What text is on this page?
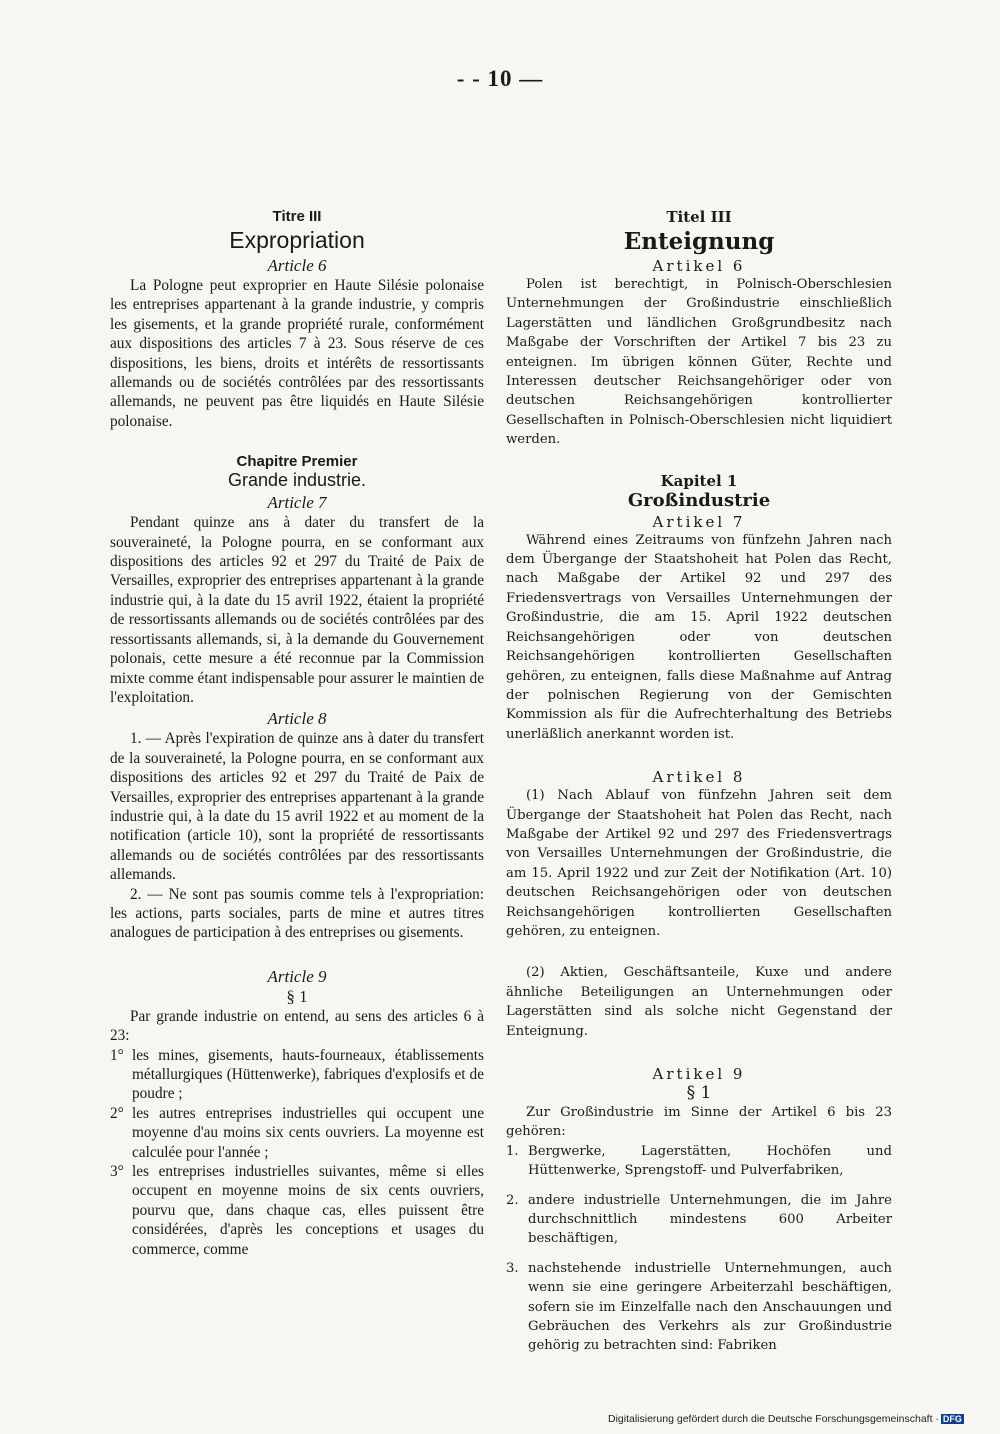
- - 10 —
Titre III
Expropriation
Article 6

La Pologne peut exproprier en Haute Silésie polonaise les entreprises appartenant à la grande industrie, y compris les gisements, et la grande propriété rurale, conformément aux dispositions des articles 7 à 23. Sous réserve de ces dispositions, les biens, droits et intérêts de ressortissants allemands ou de sociétés contrôlées par des ressortissants allemands, ne peuvent pas être liquidés en Haute Silésie polonaise.

Chapitre Premier
Grande industrie.
Article 7

Pendant quinze ans à dater du transfert de la souveraineté, la Pologne pourra, en se conformant aux dispositions des articles 92 et 297 du Traité de Paix de Versailles, exproprier des entreprises appartenant à la grande industrie qui, à la date du 15 avril 1922, étaient la propriété de ressortissants allemands ou de sociétés contrôlées par des ressortissants allemands, si, à la demande du Gouvernement polonais, cette mesure a été reconnue par la Commission mixte comme étant indispensable pour assurer le maintien de l'exploitation.

Article 8

1. — Après l'expiration de quinze ans à dater du transfert de la souveraineté, la Pologne pourra, en se conformant aux dispositions des articles 92 et 297 du Traité de Paix de Versailles, exproprier des entreprises appartenant à la grande industrie qui, à la date du 15 avril 1922 et au moment de la notification (article 10), sont la propriété de ressortissants allemands ou de sociétés contrôlées par des ressortissants allemands.

2. — Ne sont pas soumis comme tels à l'expropriation: les actions, parts sociales, parts de mine et autres titres analogues de participation à des entreprises ou gisements.

Article 9
§ 1

Par grande industrie on entend, au sens des articles 6 à 23:

1° les mines, gisements, hauts-fourneaux, établissements métallurgiques (Hüttenwerke), fabriques d'explosifs et de poudre ;
2° les autres entreprises industrielles qui occupent une moyenne d'au moins six cents ouvriers. La moyenne est calculée pour l'année ;
3° les entreprises industrielles suivantes, même si elles occupent en moyenne moins de six cents ouvriers, pourvu que, dans chaque cas, elles puissent être considérées, d'après les conceptions et usages du commerce, comme
Titel III
Enteignung
Artikel 6

Polen ist berechtigt, in Polnisch-Oberschlesien Unternehmungen der Großindustrie einschließlich Lagerstätten und ländlichen Großgrundbesitz nach Maßgabe der Vorschriften der Artikel 7 bis 23 zu enteignen. Im übrigen können Güter, Rechte und Interessen deutscher Reichsangehöriger oder von deutschen Reichsangehörigen kontrollierter Gesellschaften in Polnisch-Oberschlesien nicht liquidiert werden.

Kapitel 1
Großindustrie
Artikel 7

Während eines Zeitraums von fünfzehn Jahren nach dem Übergange der Staatshoheit hat Polen das Recht, nach Maßgabe der Artikel 92 und 297 des Friedensvertrags von Versailles Unternehmungen der Großindustrie, die am 15. April 1922 deutschen Reichsangehörigen oder von deutschen Reichsangehörigen kontrollierten Gesellschaften gehören, zu enteignen, falls diese Maßnahme auf Antrag der polnischen Regierung von der Gemischten Kommission als für die Aufrechterhaltung des Betriebs unerläßlich anerkannt worden ist.

Artikel 8

(1) Nach Ablauf von fünfzehn Jahren seit dem Übergange der Staatshoheit hat Polen das Recht, nach Maßgabe der Artikel 92 und 297 des Friedensvertrags von Versailles Unternehmungen der Großindustrie, die am 15. April 1922 und zur Zeit der Notifikation (Art. 10) deutschen Reichsangehörigen oder von deutschen Reichsangehörigen kontrollierten Gesellschaften gehören, zu enteignen.

(2) Aktien, Geschäftsanteile, Kuxe und andere ähnliche Beteiligungen an Unternehmungen oder Lagerstätten sind als solche nicht Gegenstand der Enteignung.

Artikel 9
§ 1

Zur Großindustrie im Sinne der Artikel 6 bis 23 gehören:

1. Bergwerke, Lagerstätten, Hochöfen und Hüttenwerke, Sprengstoff- und Pulverfabriken,
2. andere industrielle Unternehmungen, die im Jahre durchschnittlich mindestens 600 Arbeiter beschäftigen,
3. nachstehende industrielle Unternehmungen, auch wenn sie eine geringere Arbeiterzahl beschäftigen, sofern sie im Einzelfalle nach den Anschauungen und Gebräuchen des Verkehrs als zur Großindustrie gehörig zu betrachten sind: Fabriken
Digitalisierung gefördert durch die Deutsche Forschungsgemeinschaft · DFG
